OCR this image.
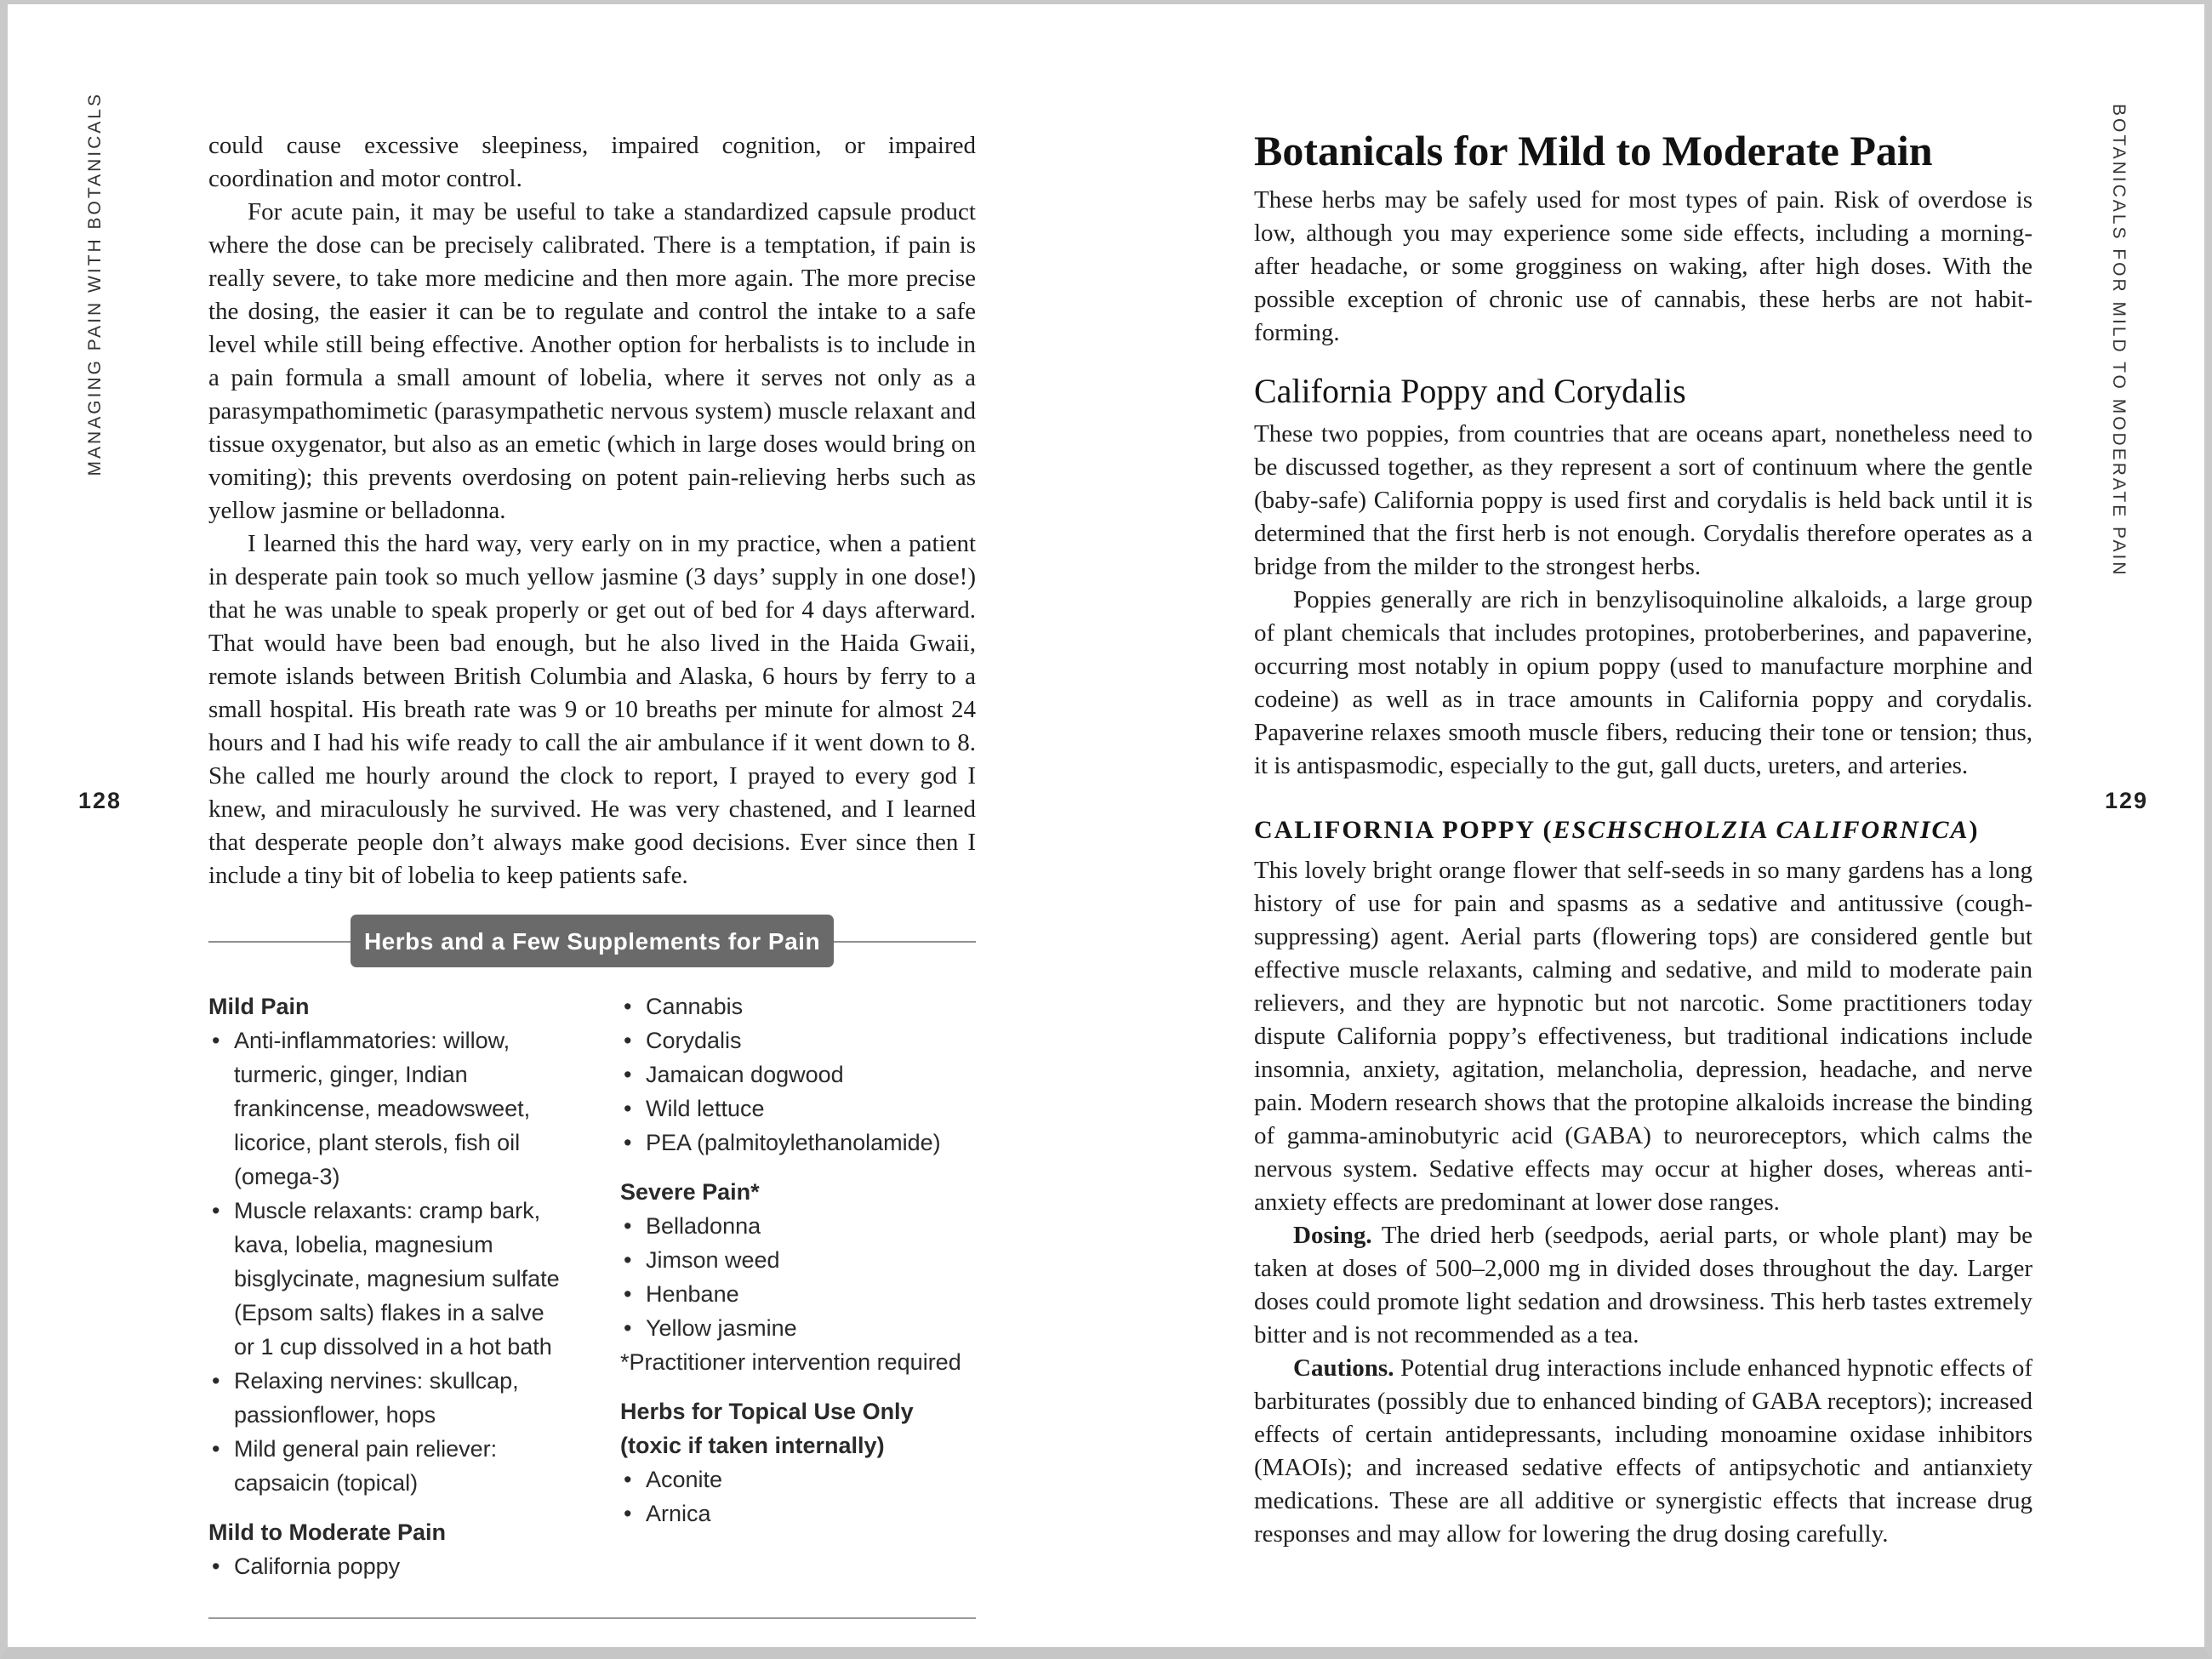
MANAGING PAIN WITH BOTANICALS
128
BOTANICALS FOR MILD TO MODERATE PAIN
129

could cause excessive sleepiness, impaired cognition, or impaired coordination and motor control.

For acute pain, it may be useful to take a standardized capsule product where the dose can be precisely calibrated. There is a temptation, if pain is really severe, to take more medicine and then more again. The more precise the dosing, the easier it can be to regulate and control the intake to a safe level while still being effective. Another option for herbalists is to include in a pain formula a small amount of lobelia, where it serves not only as a parasympathomimetic (parasympathetic nervous system) muscle relaxant and tissue oxygenator, but also as an emetic (which in large doses would bring on vomiting); this prevents overdosing on potent pain-relieving herbs such as yellow jasmine or belladonna.

I learned this the hard way, very early on in my practice, when a patient in desperate pain took so much yellow jasmine (3 days’ supply in one dose!) that he was unable to speak properly or get out of bed for 4 days afterward. That would have been bad enough, but he also lived in the Haida Gwaii, remote islands between British Columbia and Alaska, 6 hours by ferry to a small hospital. His breath rate was 9 or 10 breaths per minute for almost 24 hours and I had his wife ready to call the air ambulance if it went down to 8. She called me hourly around the clock to report, I prayed to every god I knew, and miraculously he survived. He was very chastened, and I learned that desperate people don’t always make good decisions. Ever since then I include a tiny bit of lobelia to keep patients safe.

Herbs and a Few Supplements for Pain
Mild Pain
• Anti-inflammatories: willow, turmeric, ginger, Indian frankincense, meadowsweet, licorice, plant sterols, fish oil (omega-3)
• Muscle relaxants: cramp bark, kava, lobelia, magnesium bisglycinate, magnesium sulfate (Epsom salts) flakes in a salve or 1 cup dissolved in a hot bath
• Relaxing nervines: skullcap, passionflower, hops
• Mild general pain reliever: capsaicin (topical)
Mild to Moderate Pain
• California poppy
• Cannabis
• Corydalis
• Jamaican dogwood
• Wild lettuce
• PEA (palmitoylethanolamide)
Severe Pain*
• Belladonna
• Jimson weed
• Henbane
• Yellow jasmine
*Practitioner intervention required
Herbs for Topical Use Only
(toxic if taken internally)
• Aconite
• Arnica
Botanicals for Mild to Moderate Pain

These herbs may be safely used for most types of pain. Risk of overdose is low, although you may experience some side effects, including a morning-after headache, or some grogginess on waking, after high doses. With the possible exception of chronic use of cannabis, these herbs are not habit-forming.

California Poppy and Corydalis

These two poppies, from countries that are oceans apart, nonetheless need to be discussed together, as they represent a sort of continuum where the gentle (baby-safe) California poppy is used first and corydalis is held back until it is determined that the first herb is not enough. Corydalis therefore operates as a bridge from the milder to the strongest herbs.

Poppies generally are rich in benzylisoquinoline alkaloids, a large group of plant chemicals that includes protopines, protoberberines, and papaverine, occurring most notably in opium poppy (used to manufacture morphine and codeine) as well as in trace amounts in California poppy and corydalis. Papaverine relaxes smooth muscle fibers, reducing their tone or tension; thus, it is antispasmodic, especially to the gut, gall ducts, ureters, and arteries.

CALIFORNIA POPPY (ESCHSCHOLZIA CALIFORNICA)

This lovely bright orange flower that self-seeds in so many gardens has a long history of use for pain and spasms as a sedative and antitussive (cough-suppressing) agent. Aerial parts (flowering tops) are considered gentle but effective muscle relaxants, calming and sedative, and mild to moderate pain relievers, and they are hypnotic but not narcotic. Some practitioners today dispute California poppy’s effectiveness, but traditional indications include insomnia, anxiety, agitation, melancholia, depression, headache, and nerve pain. Modern research shows that the protopine alkaloids increase the binding of gamma-aminobutyric acid (GABA) to neuroreceptors, which calms the nervous system. Sedative effects may occur at higher doses, whereas anti-anxiety effects are predominant at lower dose ranges.

Dosing. The dried herb (seedpods, aerial parts, or whole plant) may be taken at doses of 500–2,000 mg in divided doses throughout the day. Larger doses could promote light sedation and drowsiness. This herb tastes extremely bitter and is not recommended as a tea.

Cautions. Potential drug interactions include enhanced hypnotic effects of barbiturates (possibly due to enhanced binding of GABA receptors); increased effects of certain antidepressants, including monoamine oxidase inhibitors (MAOIs); and increased sedative effects of antipsychotic and antianxiety medications. These are all additive or synergistic effects that increase drug responses and may allow for lowering the drug dosing carefully.
